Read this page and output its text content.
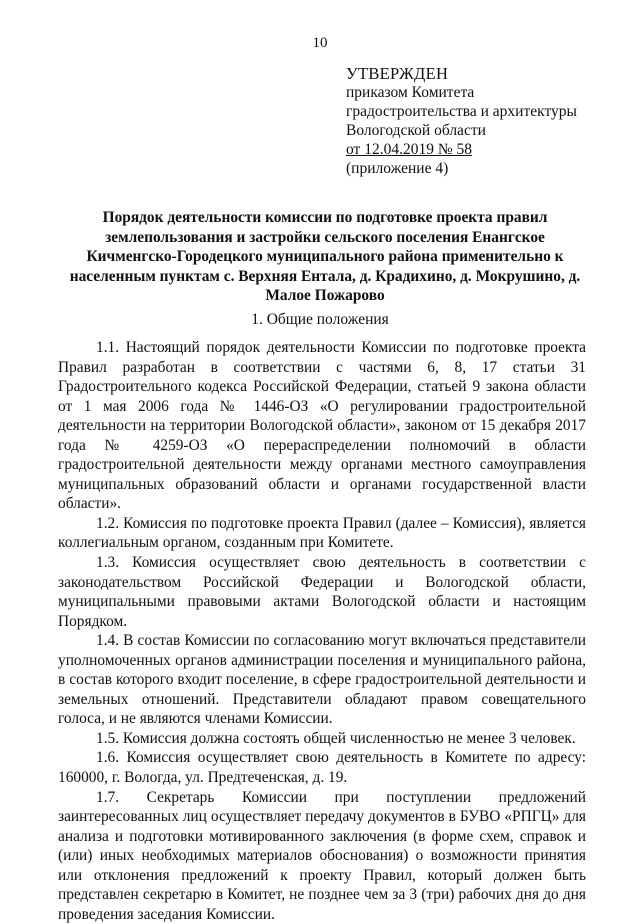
10
УТВЕРЖДЕН
приказом Комитета
градостроительства и архитектуры
Вологодской области
от 12.04.2019 № 58
(приложение 4)
Порядок деятельности комиссии по подготовке проекта правил землепользования и застройки сельского поселения Енангское Кичменгско-Городецкого муниципального района применительно к населенным пунктам с. Верхняя Ентала, д. Крадихино, д. Мокрушино, д. Малое Пожарово
1. Общие положения

1.1. Настоящий порядок деятельности Комиссии по подготовке проекта Правил разработан в соответствии с частями 6, 8, 17 статьи 31 Градостроительного кодекса Российской Федерации, статьей 9 закона области от 1 мая 2006 года № 1446-ОЗ «О регулировании градостроительной деятельности на территории Вологодской области», законом от 15 декабря 2017 года № 4259-ОЗ «О перераспределении полномочий в области градостроительной деятельности между органами местного самоуправления муниципальных образований области и органами государственной власти области».

1.2. Комиссия по подготовке проекта Правил (далее – Комиссия), является коллегиальным органом, созданным при Комитете.

1.3. Комиссия осуществляет свою деятельность в соответствии с законодательством Российской Федерации и Вологодской области, муниципальными правовыми актами Вологодской области и настоящим Порядком.

1.4. В состав Комиссии по согласованию могут включаться представители уполномоченных органов администрации поселения и муниципального района, в состав которого входит поселение, в сфере градостроительной деятельности и земельных отношений. Представители обладают правом совещательного голоса, и не являются членами Комиссии.

1.5. Комиссия должна состоять общей численностью не менее 3 человек.

1.6. Комиссия осуществляет свою деятельность в Комитете по адресу: 160000, г. Вологда, ул. Предтеченская, д. 19.

1.7. Секретарь Комиссии при поступлении предложений заинтересованных лиц осуществляет передачу документов в БУВО «РПГЦ» для анализа и подготовки мотивированного заключения (в форме схем, справок и (или) иных необходимых материалов обоснования) о возможности принятия или отклонения предложений к проекту Правил, который должен быть представлен секретарю в Комитет, не позднее чем за 3 (три) рабочих дня до дня проведения заседания Комиссии.
